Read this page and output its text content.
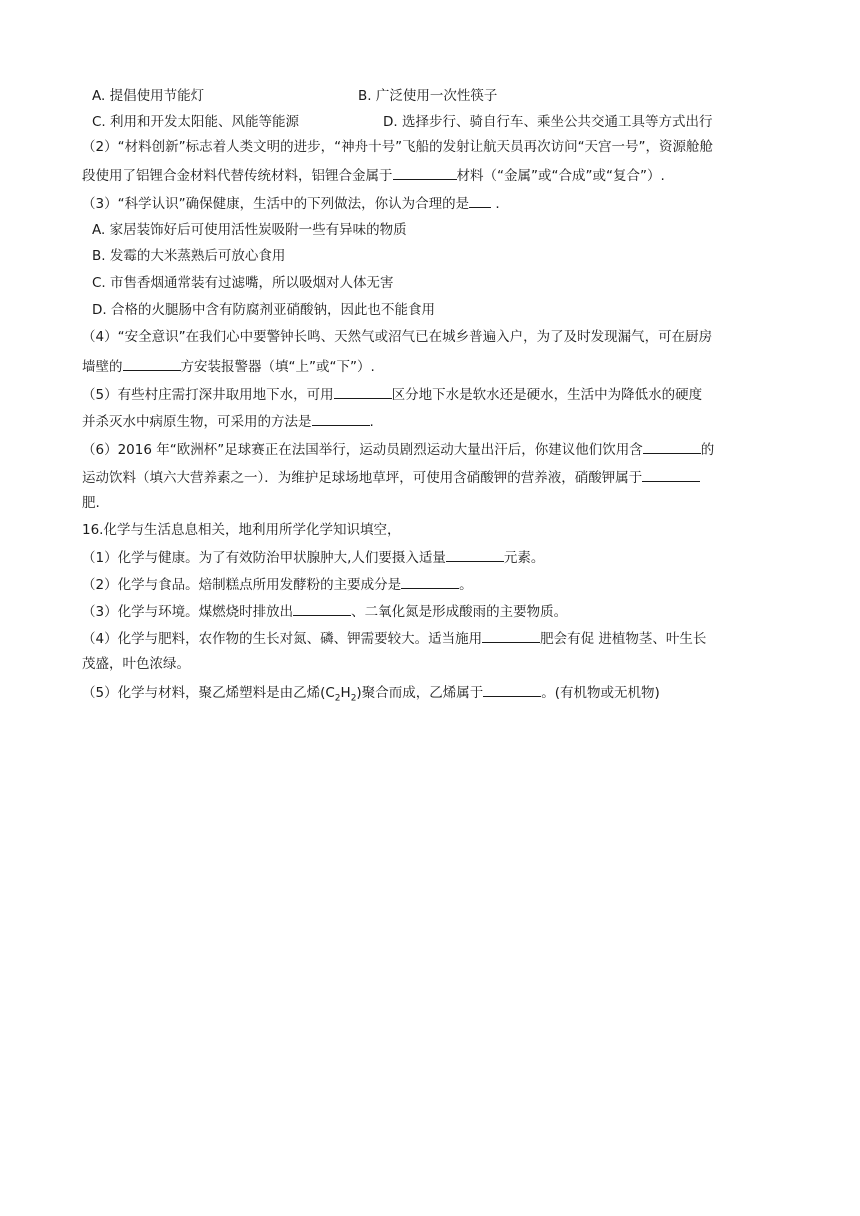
A. 提倡使用节能灯	B. 广泛使用一次性筷子
C. 利用和开发太阳能、风能等能源	D. 选择步行、骑自行车、乘坐公共交通工具等方式出行
（2）“材料创新”标志着人类文明的进步，“神舟十号”飞船的发射让航天员再次访问“天宫一号”，资源舱舱
段使用了铝锂合金材料代替传统材料，铝锂合金属于	材料（“金属”或“合成”或“复合”）.
（3）“科学认识”确保健康，生活中的下列做法，你认为合理的是 .
A. 家居装饰好后可使用活性炭吸附一些有异味的物质
B. 发霉的大米蒸熟后可放心食用
C. 市售香烟通常装有过滤嘴，所以吸烟对人体无害
D. 合格的火腿肠中含有防腐剂亚硝酸钠，因此也不能食用
（4）“安全意识”在我们心中要警钟长鸣、天然气或沼气已在城乡普遍入户，为了及时发现漏气，可在厨房
墙壁的	方安装报警器（填“上”或“下”）.
（5）有些村庄需打深井取用地下水，可用	区分地下水是软水还是硬水，生活中为降低水的硬度
并杀灭水中病原生物，可采用的方法是	.
（6）2016 年“欧洲杯”足球赛正在法国举行，运动员剧烈运动大量出汗后，你建议他们饮用含	的
运动饮料（填六大营养素之一）．为维护足球场地草坪，可使用含硝酸钾的营养液，硝酸钾属于
肥.
16.化学与生活息息相关，地利用所学化学知识填空，
（1）化学与健康。为了有效防治甲状腺肿大,人们要摄入适量	元素。
（2）化学与食品。焙制糕点所用发酵粉的主要成分是	。
（3）化学与环境。煤燃烧时排放出	、二氧化氮是形成酸雨的主要物质。
（4）化学与肥料，农作物的生长对氮、磷、钾需要较大。适当施用	肥会有促 进植物茎、叶生长
茂盛，叶色浓绿。
（5）化学与材料，聚乙烯塑料是由乙烯$(C_2H_2)$聚合而成，乙烯属于	。(有机物或无机物)
